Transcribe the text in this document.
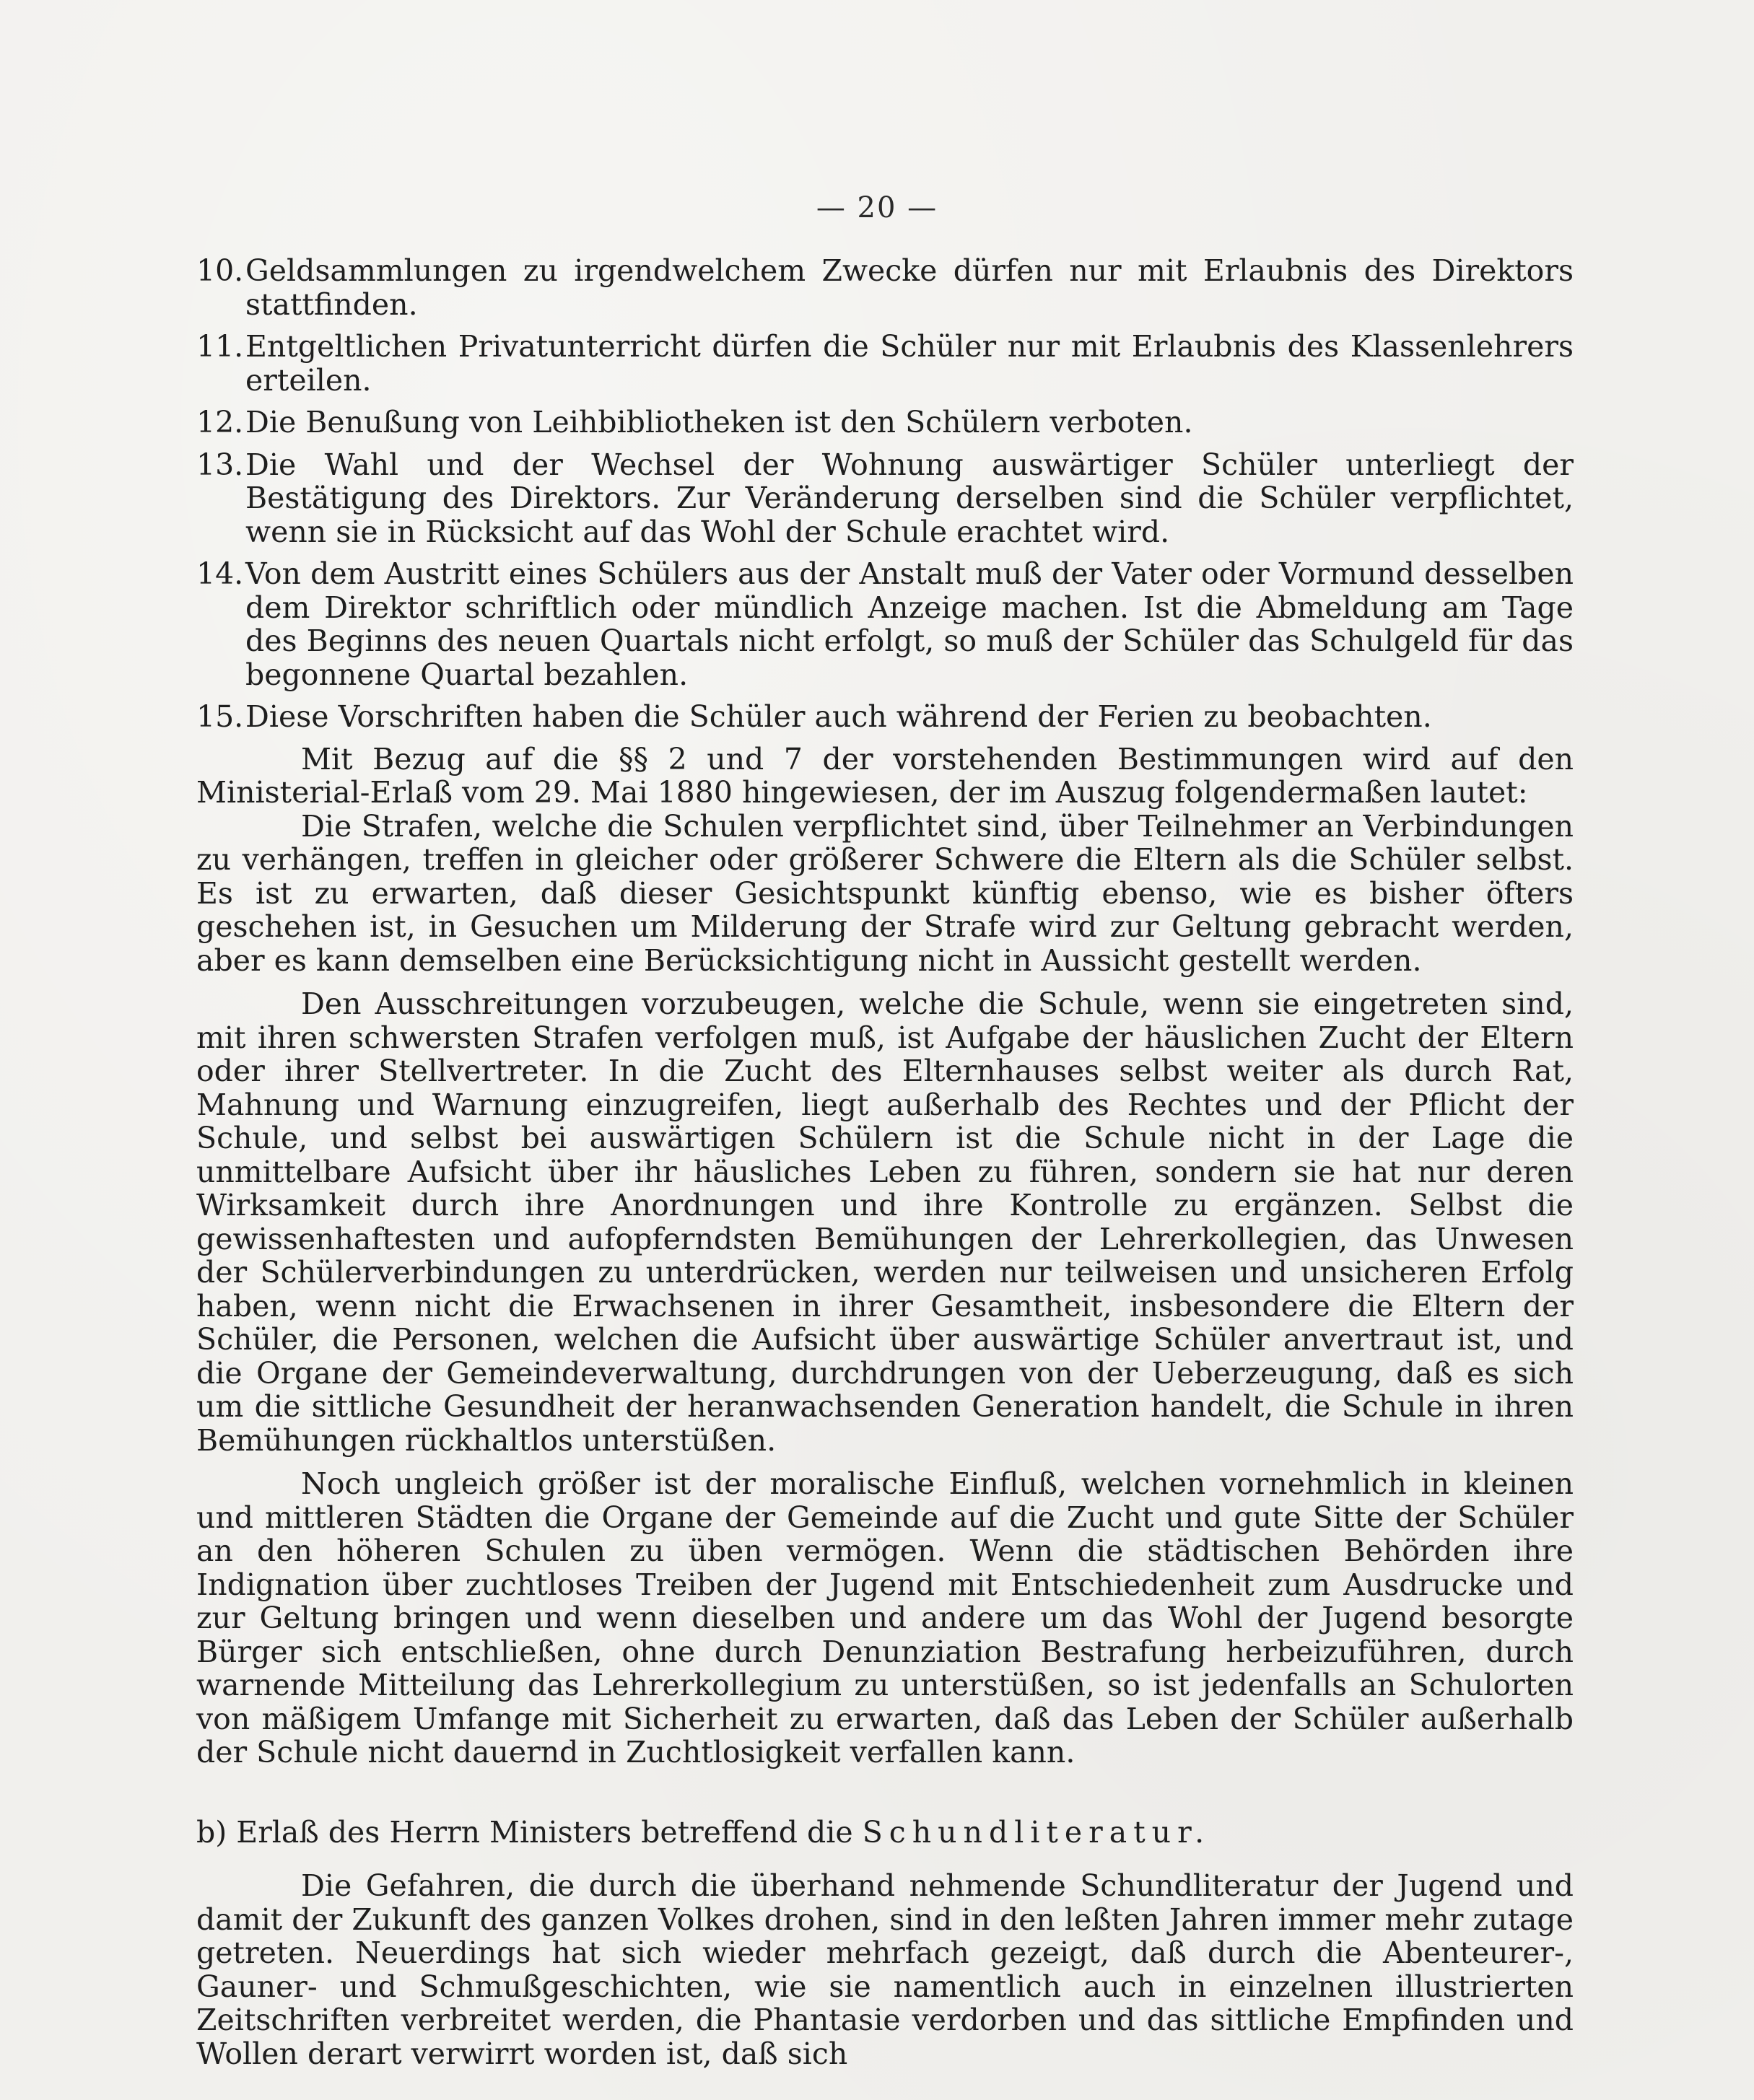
— 20 —
10. Geldsammlungen zu irgendwelchem Zwecke dürfen nur mit Erlaubnis des Direktors stattfinden.
11. Entgeltlichen Privatunterricht dürfen die Schüler nur mit Erlaubnis des Klassenlehrers erteilen.
12. Die Benußung von Leihbibliotheken ist den Schülern verboten.
13. Die Wahl und der Wechsel der Wohnung auswärtiger Schüler unterliegt der Bestätigung des Direktors. Zur Veränderung derselben sind die Schüler verpflichtet, wenn sie in Rücksicht auf das Wohl der Schule erachtet wird.
14. Von dem Austritt eines Schülers aus der Anstalt muß der Vater oder Vormund desselben dem Direktor schriftlich oder mündlich Anzeige machen. Ist die Abmeldung am Tage des Beginns des neuen Quartals nicht erfolgt, so muß der Schüler das Schulgeld für das begonnene Quartal bezahlen.
15. Diese Vorschriften haben die Schüler auch während der Ferien zu beobachten.

Mit Bezug auf die §§ 2 und 7 der vorstehenden Bestimmungen wird auf den Ministerial-Erlaß vom 29. Mai 1880 hingewiesen, der im Auszug folgendermaßen lautet:

Die Strafen, welche die Schulen verpflichtet sind, über Teilnehmer an Verbindungen zu verhängen, treffen in gleicher oder größerer Schwere die Eltern als die Schüler selbst. Es ist zu erwarten, daß dieser Gesichtspunkt künftig ebenso, wie es bisher öfters geschehen ist, in Gesuchen um Milderung der Strafe wird zur Geltung gebracht werden, aber es kann demselben eine Berücksichtigung nicht in Aussicht gestellt werden.

Den Ausschreitungen vorzubeugen, welche die Schule, wenn sie eingetreten sind, mit ihren schwersten Strafen verfolgen muß, ist Aufgabe der häuslichen Zucht der Eltern oder ihrer Stellvertreter. In die Zucht des Elternhauses selbst weiter als durch Rat, Mahnung und Warnung einzugreifen, liegt außerhalb des Rechtes und der Pflicht der Schule, und selbst bei auswärtigen Schülern ist die Schule nicht in der Lage die unmittelbare Aufsicht über ihr häusliches Leben zu führen, sondern sie hat nur deren Wirksamkeit durch ihre Anordnungen und ihre Kontrolle zu ergänzen. Selbst die gewissenhaftesten und aufopferndsten Bemühungen der Lehrerkollegien, das Unwesen der Schülerverbindungen zu unterdrücken, werden nur teilweisen und unsicheren Erfolg haben, wenn nicht die Erwachsenen in ihrer Gesamtheit, insbesondere die Eltern der Schüler, die Personen, welchen die Aufsicht über auswärtige Schüler anvertraut ist, und die Organe der Gemeindeverwaltung, durchdrungen von der Ueberzeugung, daß es sich um die sittliche Gesundheit der heranwachsenden Generation handelt, die Schule in ihren Bemühungen rückhaltlos unterstüßen.

Noch ungleich größer ist der moralische Einfluß, welchen vornehmlich in kleinen und mittleren Städten die Organe der Gemeinde auf die Zucht und gute Sitte der Schüler an den höheren Schulen zu üben vermögen. Wenn die städtischen Behörden ihre Indignation über zuchtloses Treiben der Jugend mit Entschiedenheit zum Ausdrucke und zur Geltung bringen und wenn dieselben und andere um das Wohl der Jugend besorgte Bürger sich entschließen, ohne durch Denunziation Bestrafung herbeizuführen, durch warnende Mitteilung das Lehrerkollegium zu unterstüßen, so ist jedenfalls an Schulorten von mäßigem Umfange mit Sicherheit zu erwarten, daß das Leben der Schüler außerhalb der Schule nicht dauernd in Zuchtlosigkeit verfallen kann.

b) Erlaß des Herrn Ministers betreffend die Schundliteratur.

Die Gefahren, die durch die überhand nehmende Schundliteratur der Jugend und damit der Zukunft des ganzen Volkes drohen, sind in den leßten Jahren immer mehr zutage getreten. Neuerdings hat sich wieder mehrfach gezeigt, daß durch die Abenteurer-, Gauner- und Schmußgeschichten, wie sie namentlich auch in einzelnen illustrierten Zeitschriften verbreitet werden, die Phantasie verdorben und das sittliche Empfinden und Wollen derart verwirrt worden ist, daß sich
